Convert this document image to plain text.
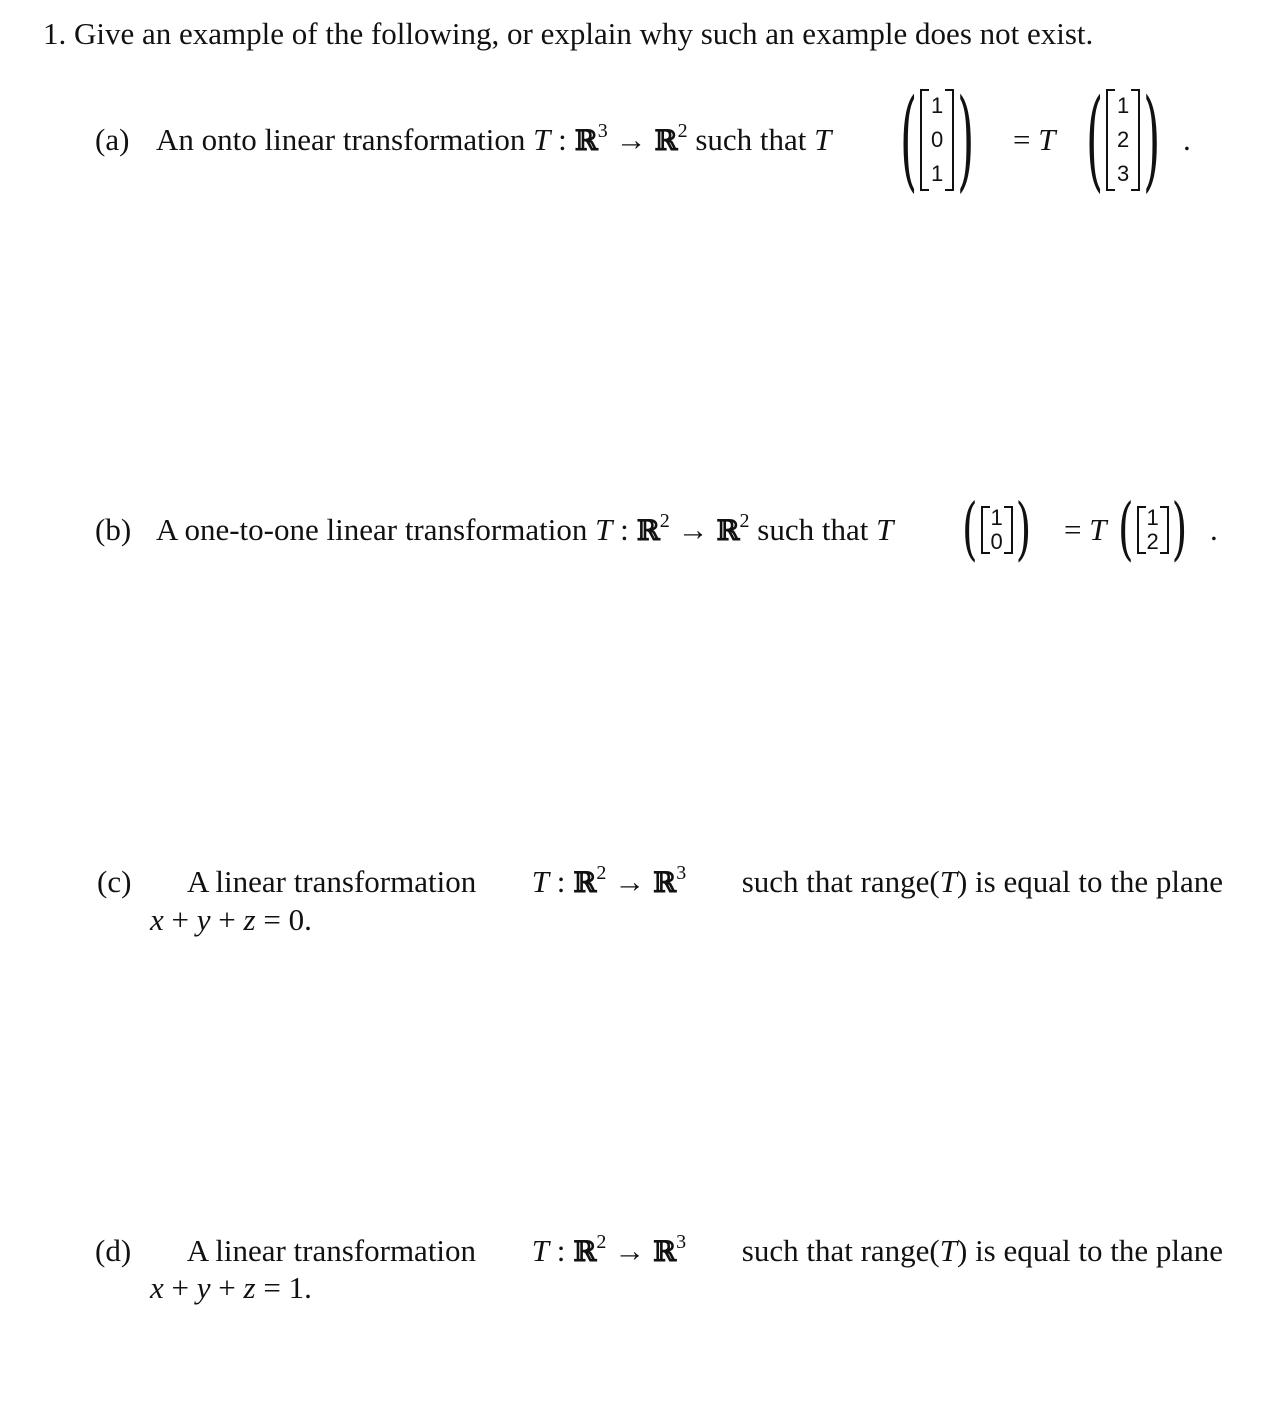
1. Give an example of the following, or explain why such an example does not exist.
(a) An onto linear transformation T : ℝ$^3$ → ℝ$^2$ such that T ( 1
0
1 ) = T ( 1
2
3 ) .
(b) A one-to-one linear transformation T : ℝ$^2$ → ℝ$^2$ such that T ( 1
0 ) = T ( 1
2 ) .
(c) A linear transformation T : ℝ$^2$ → ℝ$^3$ such that range(T) is equal to the plane
x + y + z = 0.
(d) A linear transformation T : ℝ$^2$ → ℝ$^3$ such that range(T) is equal to the plane
x + y + z = 1.
